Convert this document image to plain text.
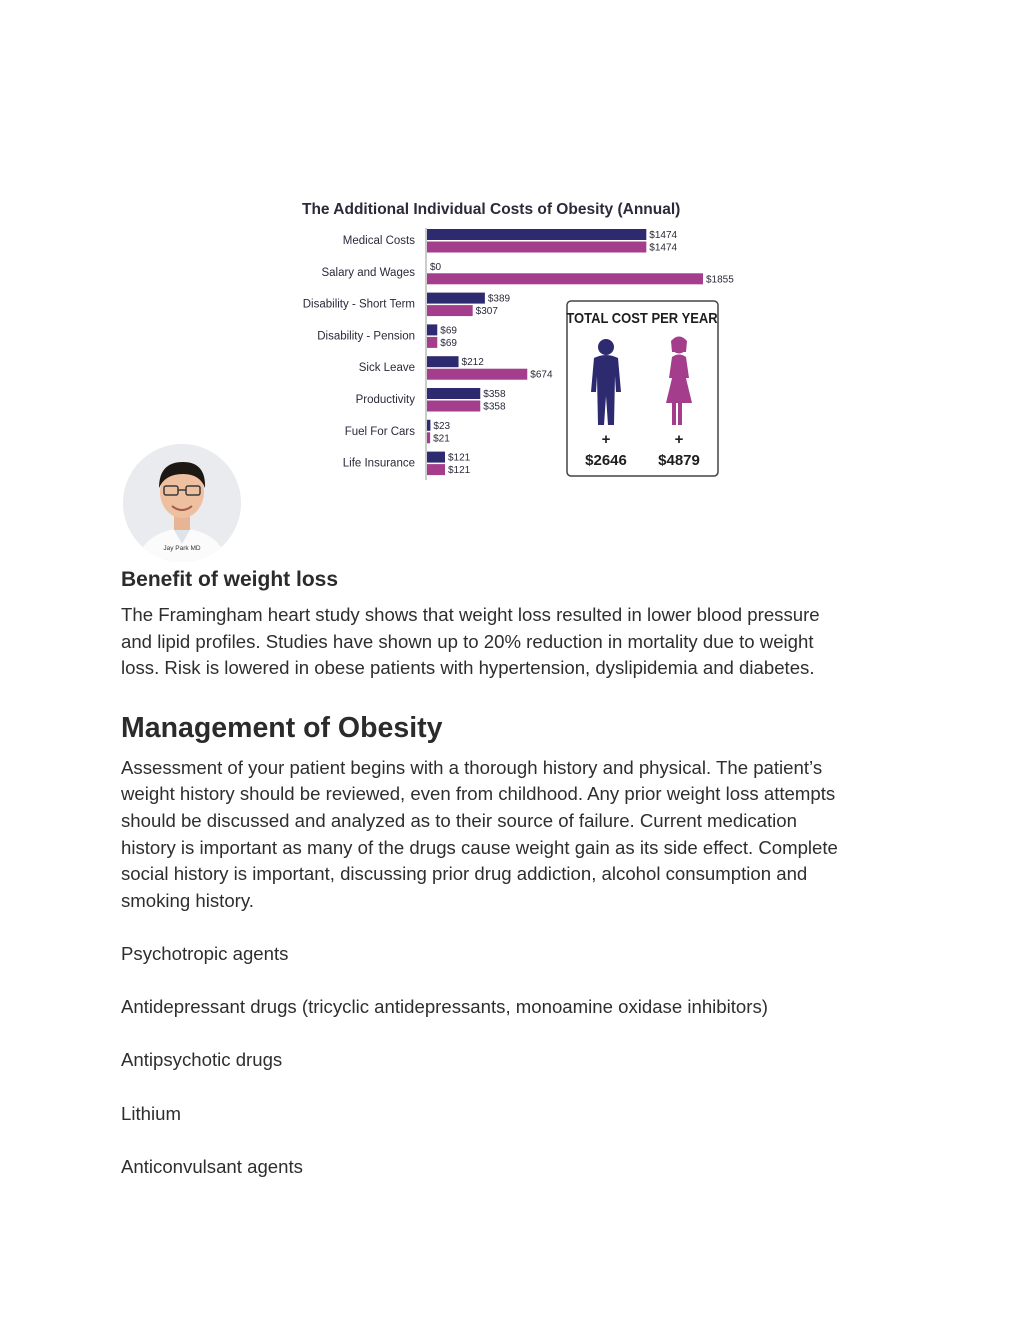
The Additional Individual Costs of Obesity (Annual)
Medical Costs	$1474
$1474
Salary and Wages $0
$1855
Disability - Short Term	$389
$307
Disability - Pension	$69
$69
Sick Leave	$212
$674
Productivity	$358
$358
Fuel For Cars $23
$21
Life Insurance	$121
$121
TOTAL COST PER YEAR
+	+
$2646 $4879
Jay Park MD
Benefit of weight loss

The Framingham heart study shows that weight loss resulted in lower blood pressure
and lipid profiles. Studies have shown up to 20% reduction in mortality due to weight
loss. Risk is lowered in obese patients with hypertension, dyslipidemia and diabetes.

Management of Obesity

Assessment of your patient begins with a thorough history and physical. The patient’s
weight history should be reviewed, even from childhood. Any prior weight loss attempts
should be discussed and analyzed as to their source of failure. Current medication
history is important as many of the drugs cause weight gain as its side effect. Complete
social history is important, discussing prior drug addiction, alcohol consumption and
smoking history.

Psychotropic agents

Antidepressant drugs (tricyclic antidepressants, monoamine oxidase inhibitors)

Antipsychotic drugs

Lithium

Anticonvulsant agents
